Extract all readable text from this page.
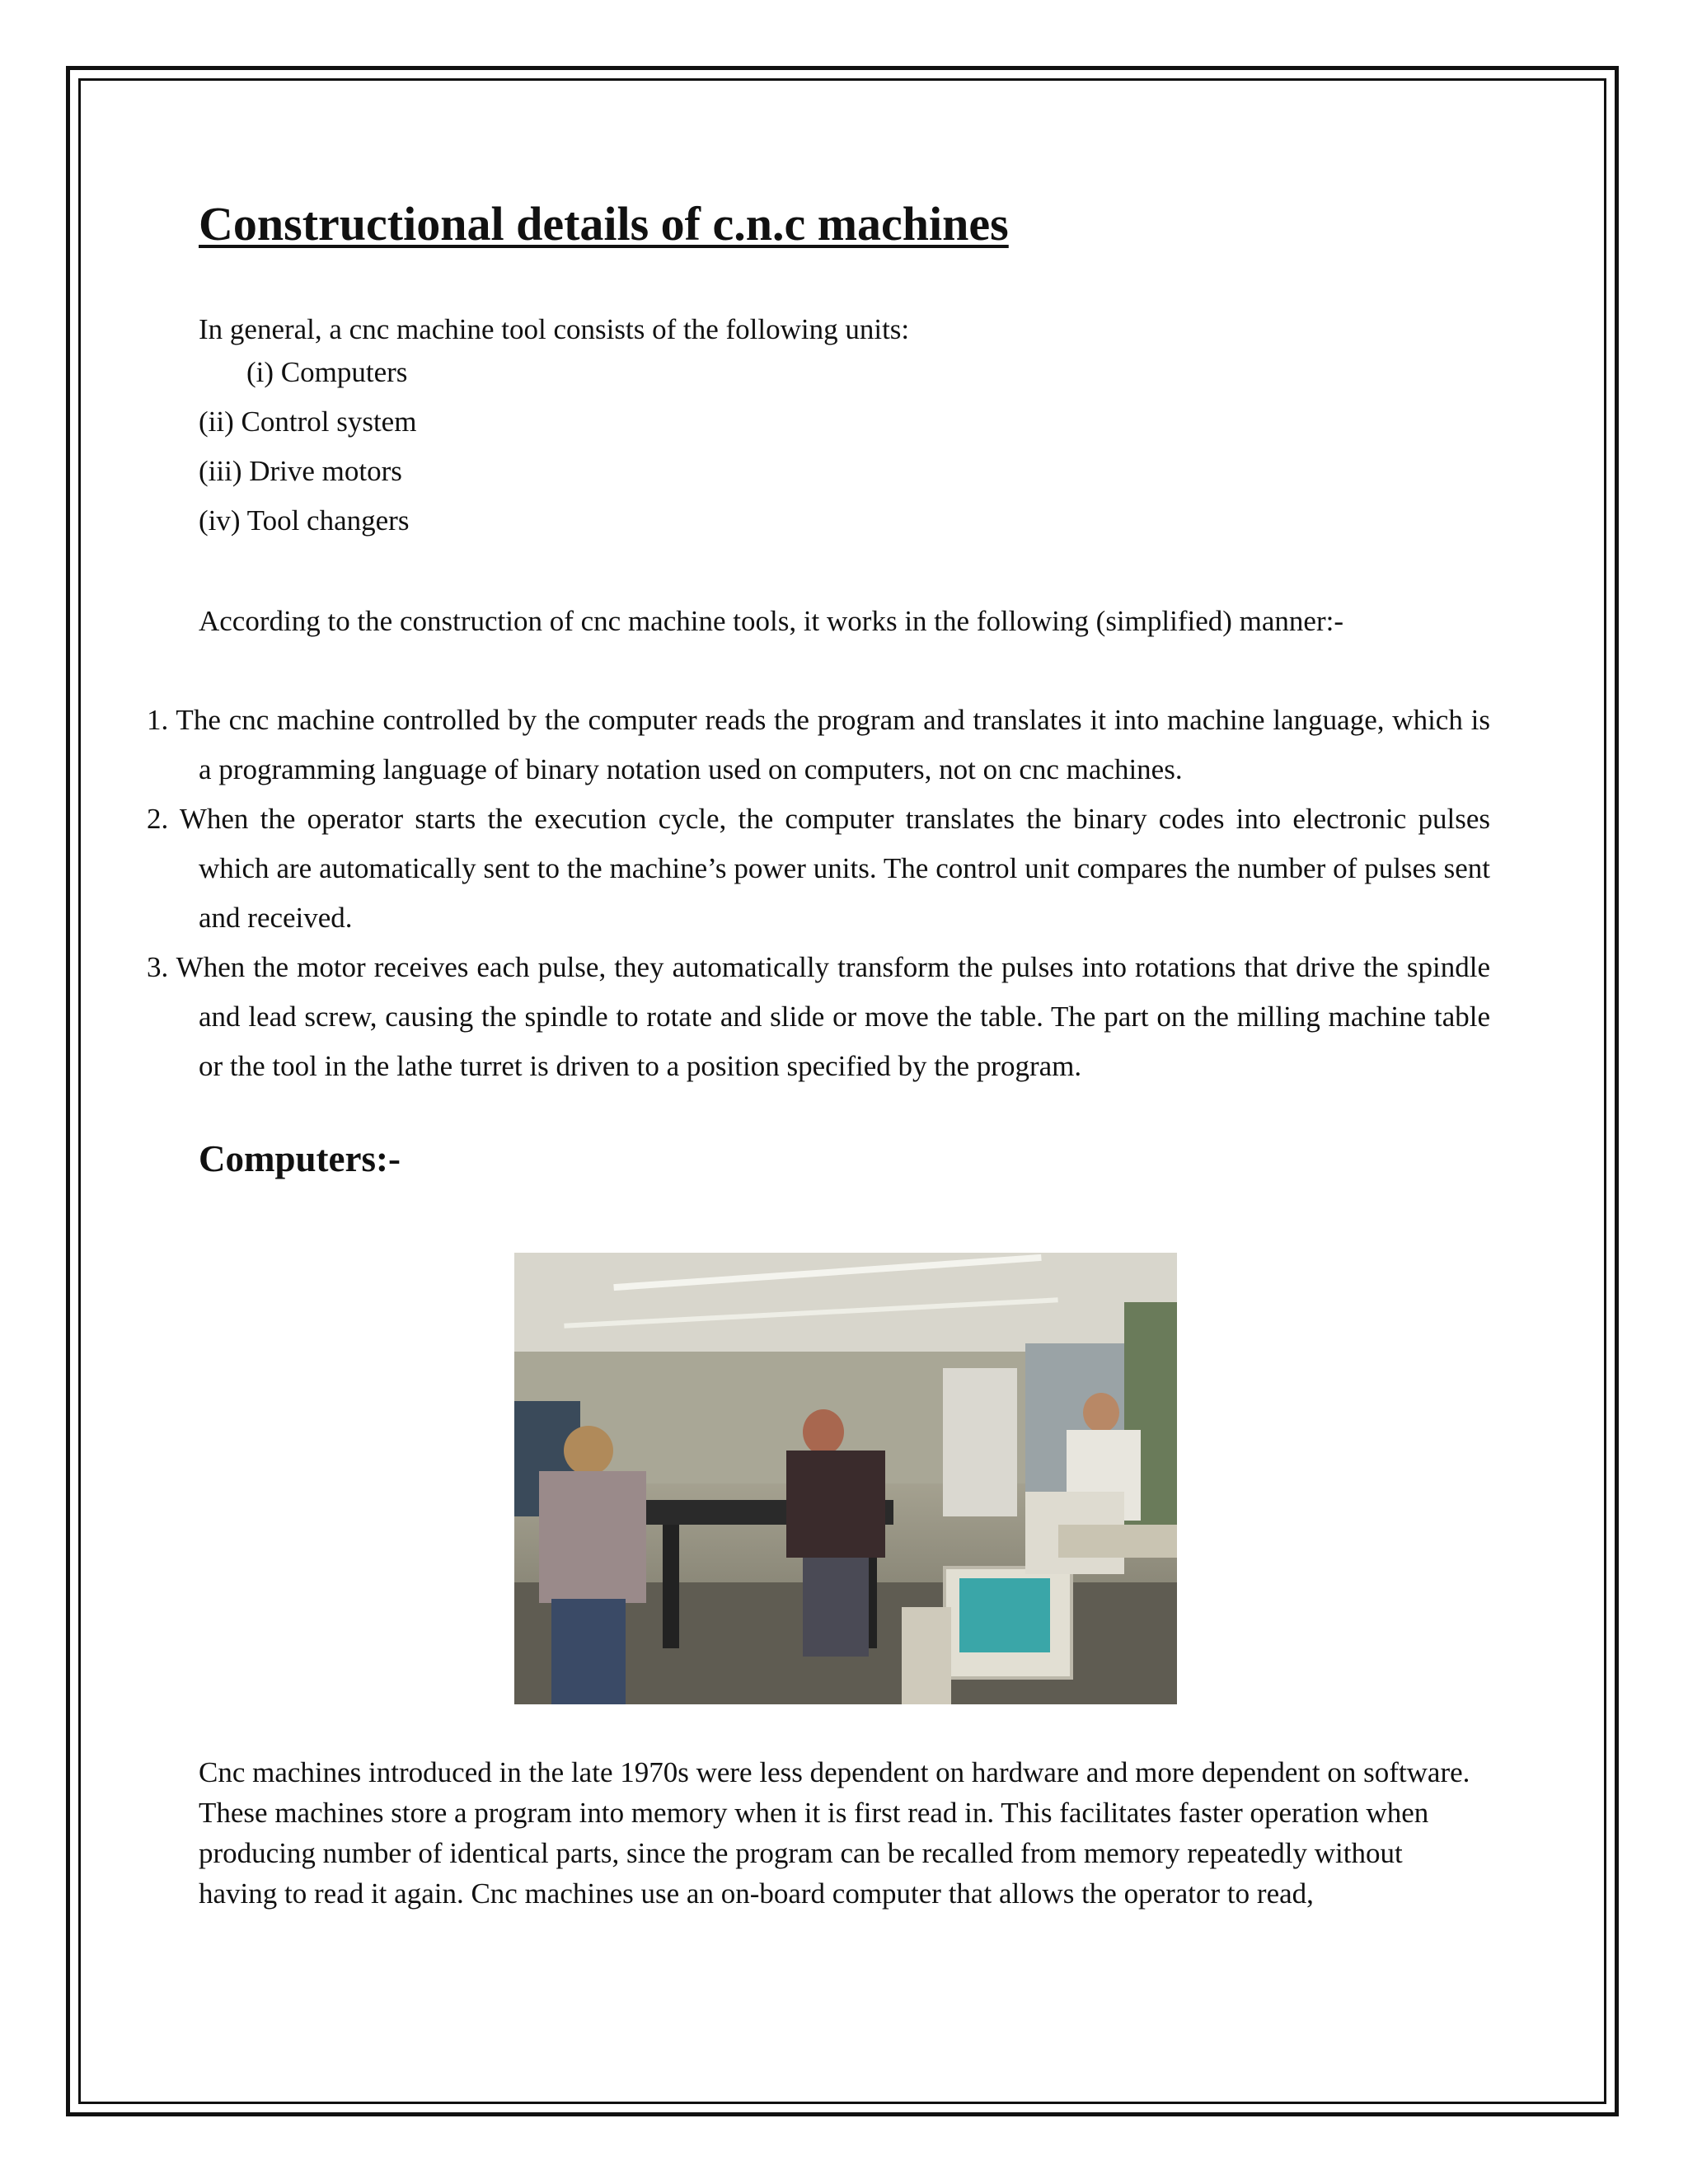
Constructional details of c.n.c machines
In general, a cnc machine tool consists of the following units:
(i) Computers
(ii) Control system
(iii) Drive motors
(iv) Tool changers
According to the construction of cnc machine tools, it works in the following (simplified) manner:-
1. The cnc machine controlled by the computer reads the program and translates it into machine language, which is a programming language of binary notation used on computers, not on cnc machines.
2. When the operator starts the execution cycle, the computer translates the binary codes into electronic pulses which are automatically sent to the machine’s power units. The control unit compares the number of pulses sent and received.
3. When the motor receives each pulse, they automatically transform the pulses into rotations that drive the spindle and lead screw, causing the spindle to rotate and slide or move the table. The part on the milling machine table or the tool in the lathe turret is driven to a position specified by the program.
Computers:-
Cnc machines introduced in the late 1970s were less dependent on hardware and more dependent on software. These machines store a program into memory when it is first read in. This facilitates faster operation when producing number of identical parts, since the program can be recalled from memory repeatedly without having to read it again. Cnc machines use an on-board computer that allows the operator to read,
